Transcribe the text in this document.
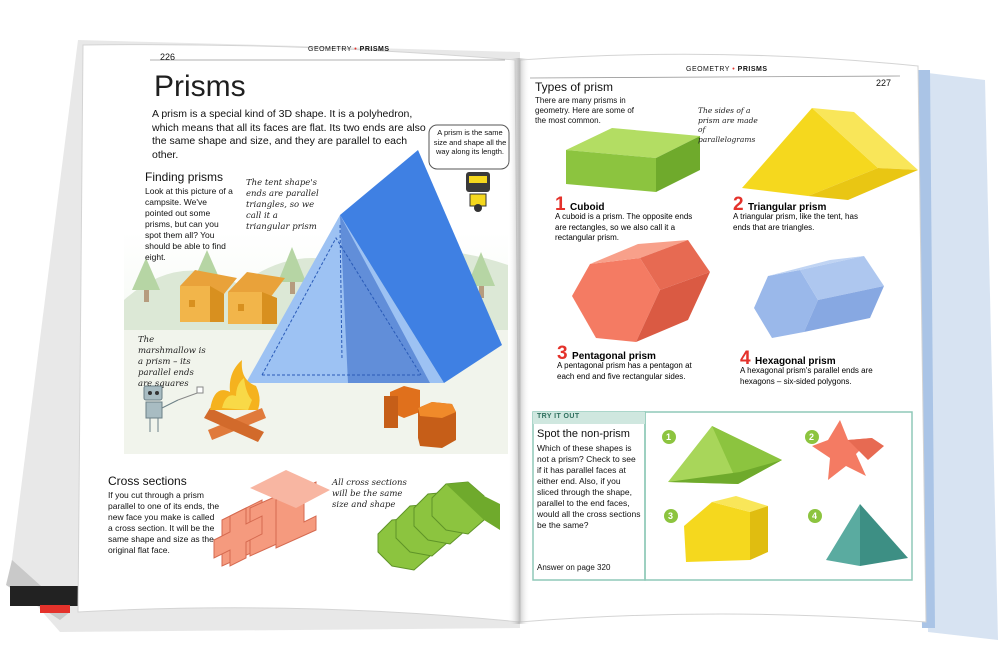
226
GEOMETRY • PRISMS
Prisms
A prism is a special kind of 3D shape. It is a polyhedron, which means that all its faces are flat. Its two ends are also the same shape and size, and they are parallel to each other.
A prism is the same size and shape all the way along its length.
Finding prisms
Look at this picture of a campsite. We've pointed out some prisms, but can you spot them all? You should be able to find eight.
The tent shape's ends are parallel triangles, so we call it a triangular prism
The marshmallow is a prism – its parallel ends are squares
Cross sections
If you cut through a prism parallel to one of its ends, the new face you make is called a cross section. It will be the same shape and size as the original flat face.
All cross sections will be the same size and shape
GEOMETRY • PRISMS
227
Types of prism
There are many prisms in geometry. Here are some of the most common.
The sides of a prism are made of parallelograms
1 Cuboid
A cuboid is a prism. The opposite ends are rectangles, so we also call it a rectangular prism.
2 Triangular prism
A triangular prism, like the tent, has ends that are triangles.
3 Pentagonal prism
A pentagonal prism has a pentagon at each end and five rectangular sides.
4 Hexagonal prism
A hexagonal prism's parallel ends are hexagons – six-sided polygons.
TRY IT OUT
Spot the non-prism
Which of these shapes is not a prism? Check to see if it has parallel faces at either end. Also, if you sliced through the shape, parallel to the end faces, would all the cross sections be the same?
Answer on page 320
1	2
3	4
